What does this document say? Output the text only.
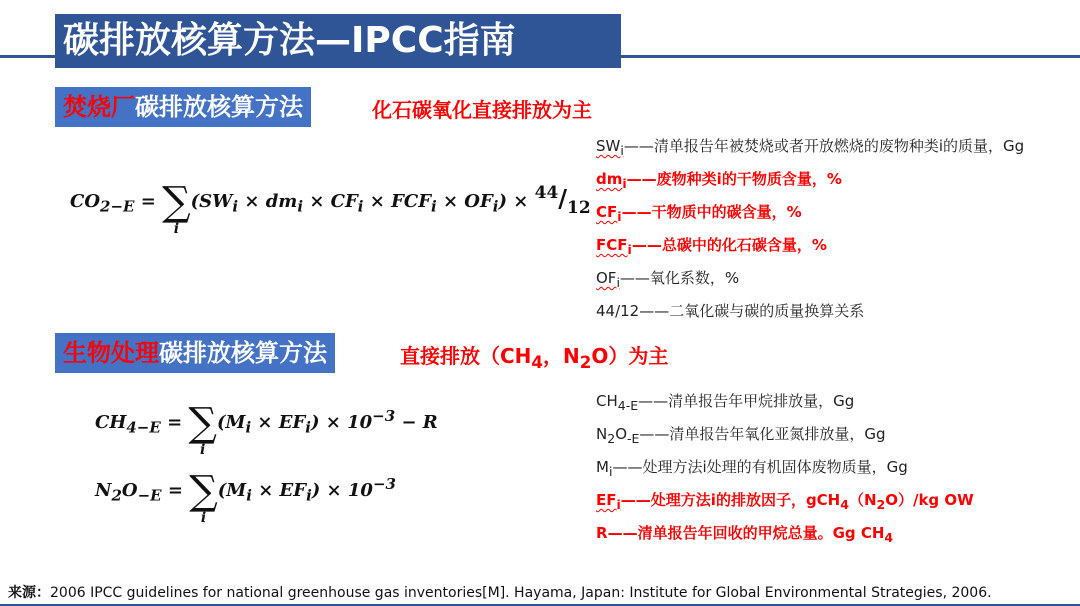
碳排放核算方法—IPCC指南
焚烧厂碳排放核算方法	化石碳氧化直接排放为主
$CO_{2-E}$ = ∑
i
$(SW_i \times dm_i \times CF_i \times FCF_i \times OF_i) \times 44/12$
$SW_i——$清单报告年被焚烧或者开放燃烧的废物种类i的质量，Gg
$dm_i——$废物种类i的干物质含量，%
$CF_i——$干物质中的碳含量，%
$FCF_i——$总碳中的化石碳含量，%
$OF_i——$氧化系数，%
44/12——二氧化碳与碳的质量换算关系
生物处理碳排放核算方法	直接排放（$CH_4$，$N_2O$）为主
$CH_{4-E}$ = ∑
i
$(M_i \times EF_i) \times 10^{-3} - R$
$N_2O_{-E}$ = ∑
i
$(M_i \times EF_i) \times 10^{-3}$
$CH_{4-E}——$清单报告年甲烷排放量，Gg
$N_2O_{-E}——$清单报告年氧化亚氮排放量，Gg
$M_i——$处理方法i处理的有机固体废物质量，Gg
$EF_i——$处理方法i的排放因子，$gCH_4(N_2O)/kg$ OW
R——清单报告年回收的甲烷总量。Gg $CH_4$
来源：2006 IPCC guidelines for national greenhouse gas inventories[M]. Hayama, Japan: Institute for Global Environmental Strategies, 2006.
